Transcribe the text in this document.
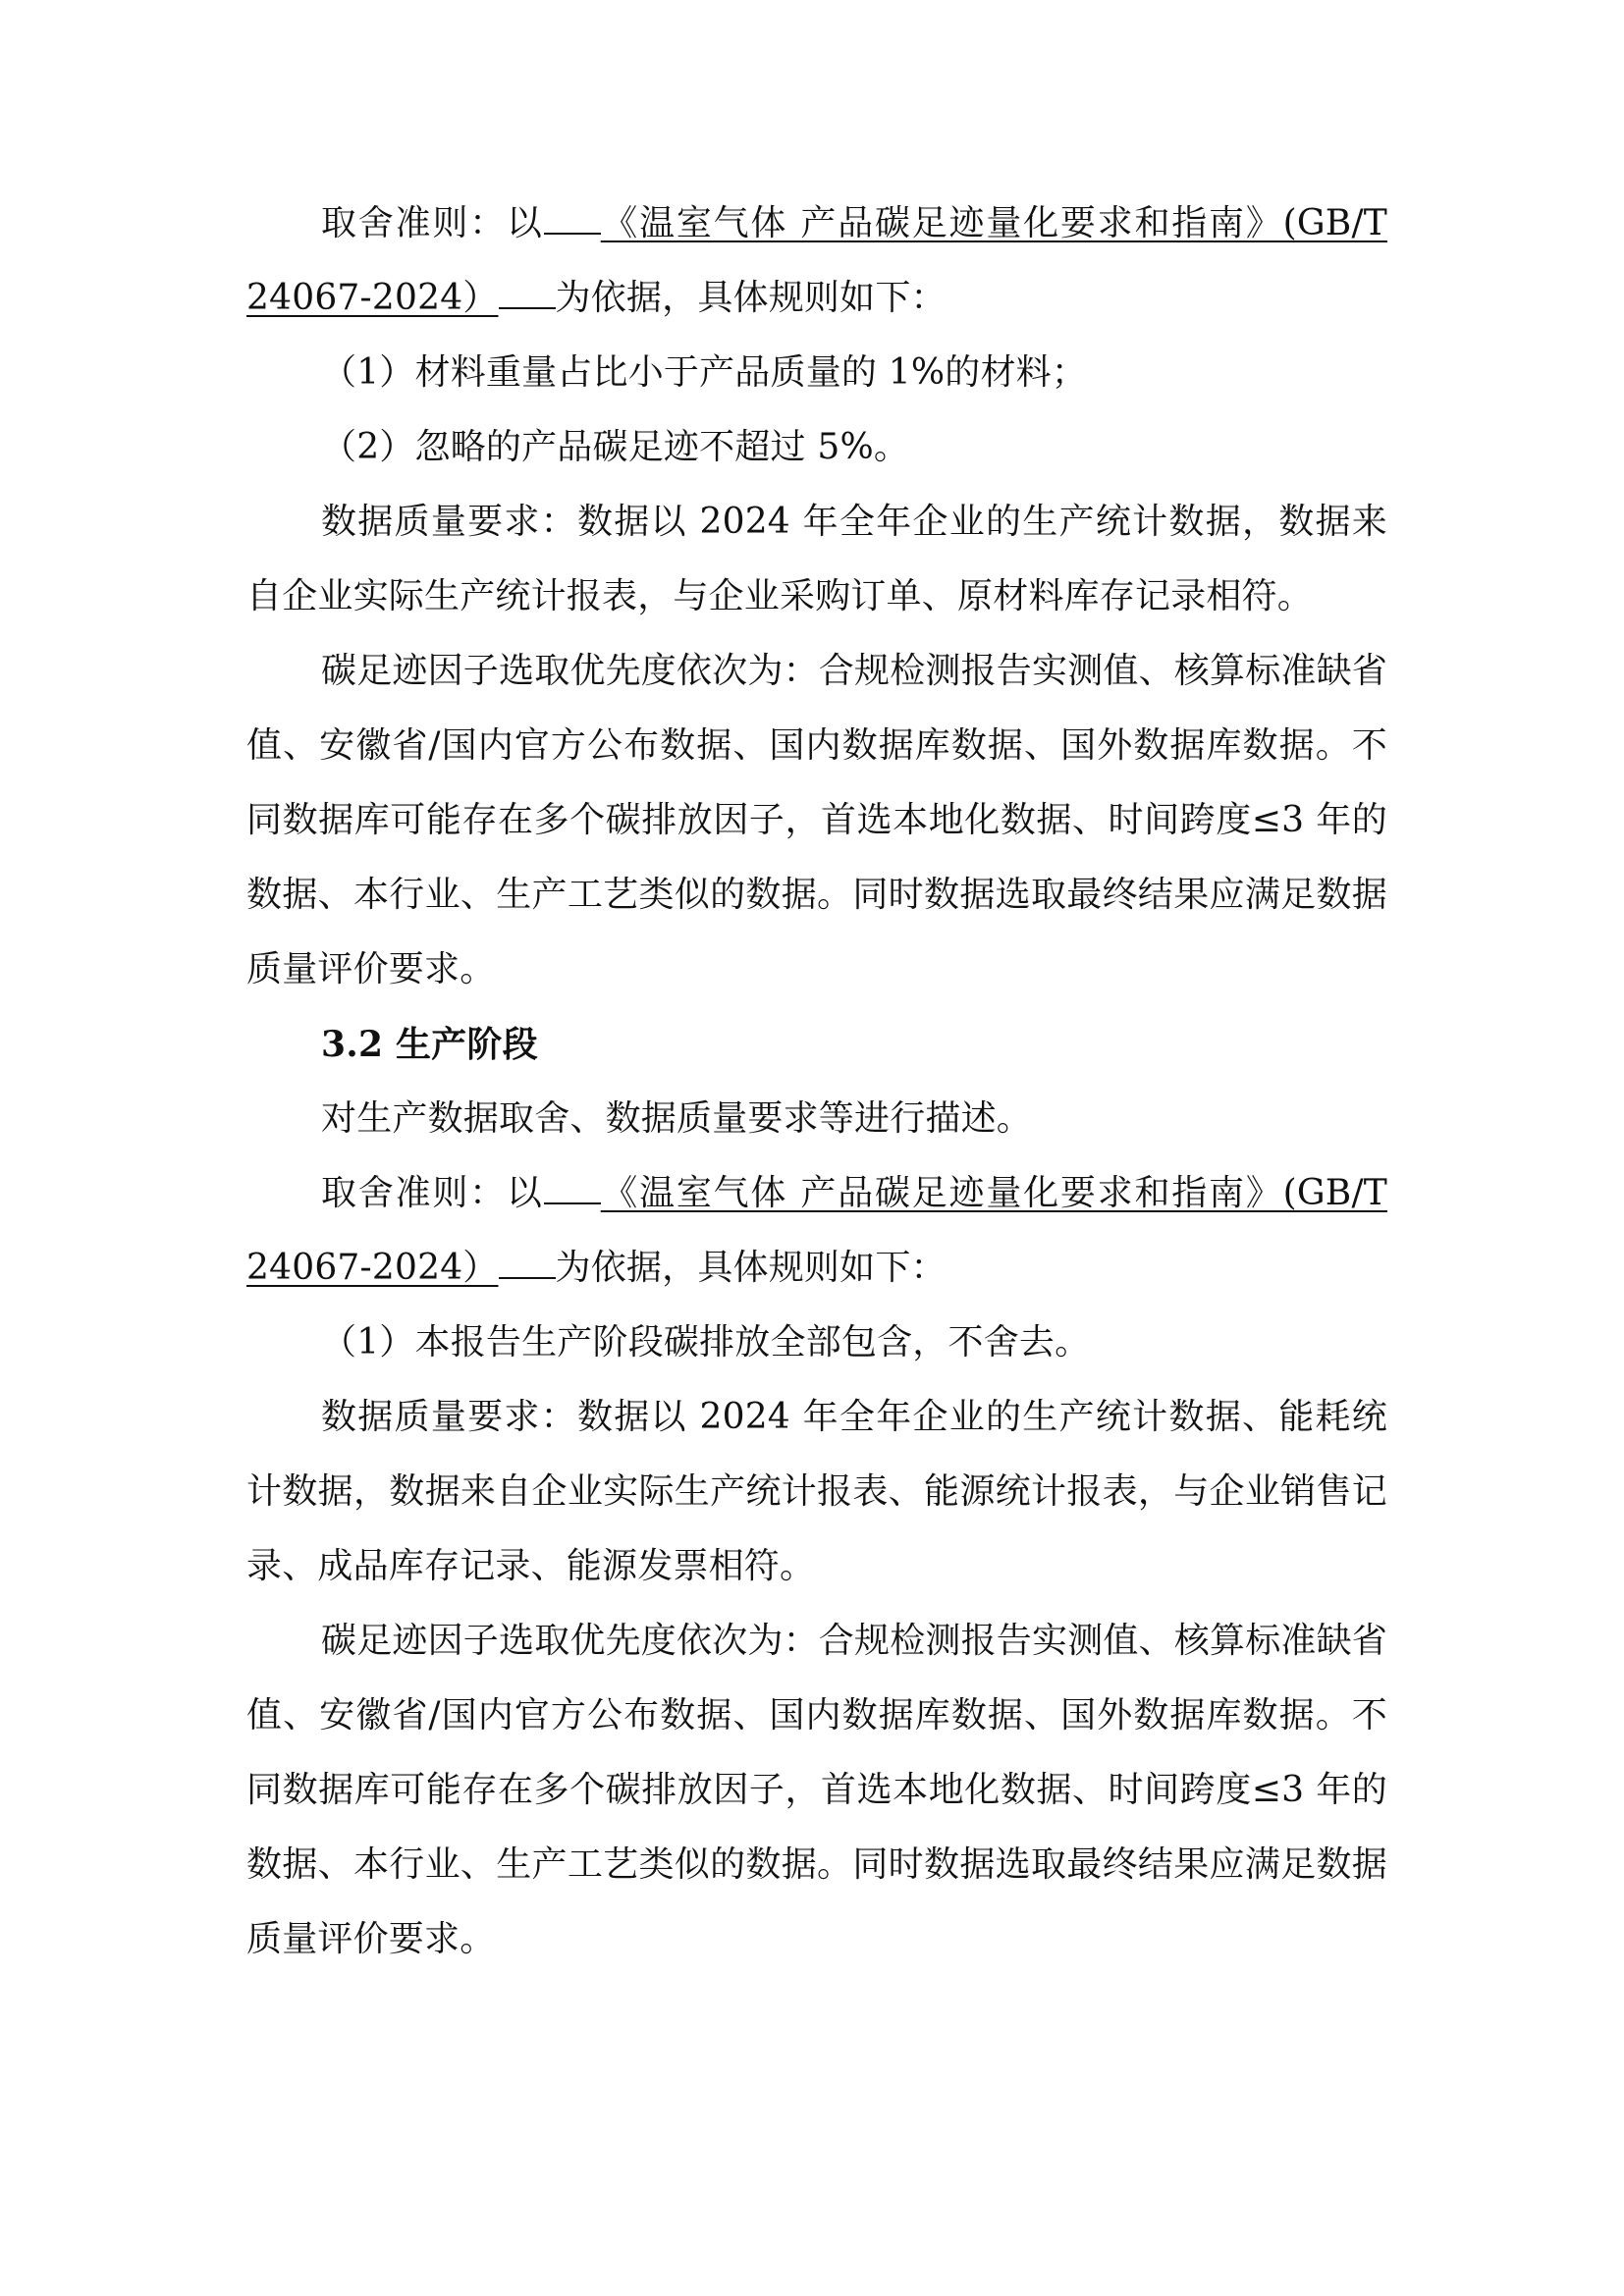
取舍准则：以 《温室气体 产品碳足迹量化要求和指南》(GB/T 24067-2024） 为依据，具体规则如下：

（1）材料重量占比小于产品质量的 1%的材料；

（2）忽略的产品碳足迹不超过 5%。

数据质量要求：数据以 2024 年全年企业的生产统计数据，数据来自企业实际生产统计报表，与企业采购订单、原材料库存记录相符。

碳足迹因子选取优先度依次为：合规检测报告实测值、核算标准缺省值、安徽省/国内官方公布数据、国内数据库数据、国外数据库数据。不同数据库可能存在多个碳排放因子，首选本地化数据、时间跨度≤3 年的数据、本行业、生产工艺类似的数据。同时数据选取最终结果应满足数据质量评价要求。

3.2 生产阶段

对生产数据取舍、数据质量要求等进行描述。

取舍准则：以 《温室气体 产品碳足迹量化要求和指南》(GB/T 24067-2024） 为依据，具体规则如下：

（1）本报告生产阶段碳排放全部包含，不舍去。

数据质量要求：数据以 2024 年全年企业的生产统计数据、能耗统计数据，数据来自企业实际生产统计报表、能源统计报表，与企业销售记录、成品库存记录、能源发票相符。

碳足迹因子选取优先度依次为：合规检测报告实测值、核算标准缺省值、安徽省/国内官方公布数据、国内数据库数据、国外数据库数据。不同数据库可能存在多个碳排放因子，首选本地化数据、时间跨度≤3 年的数据、本行业、生产工艺类似的数据。同时数据选取最终结果应满足数据质量评价要求。
